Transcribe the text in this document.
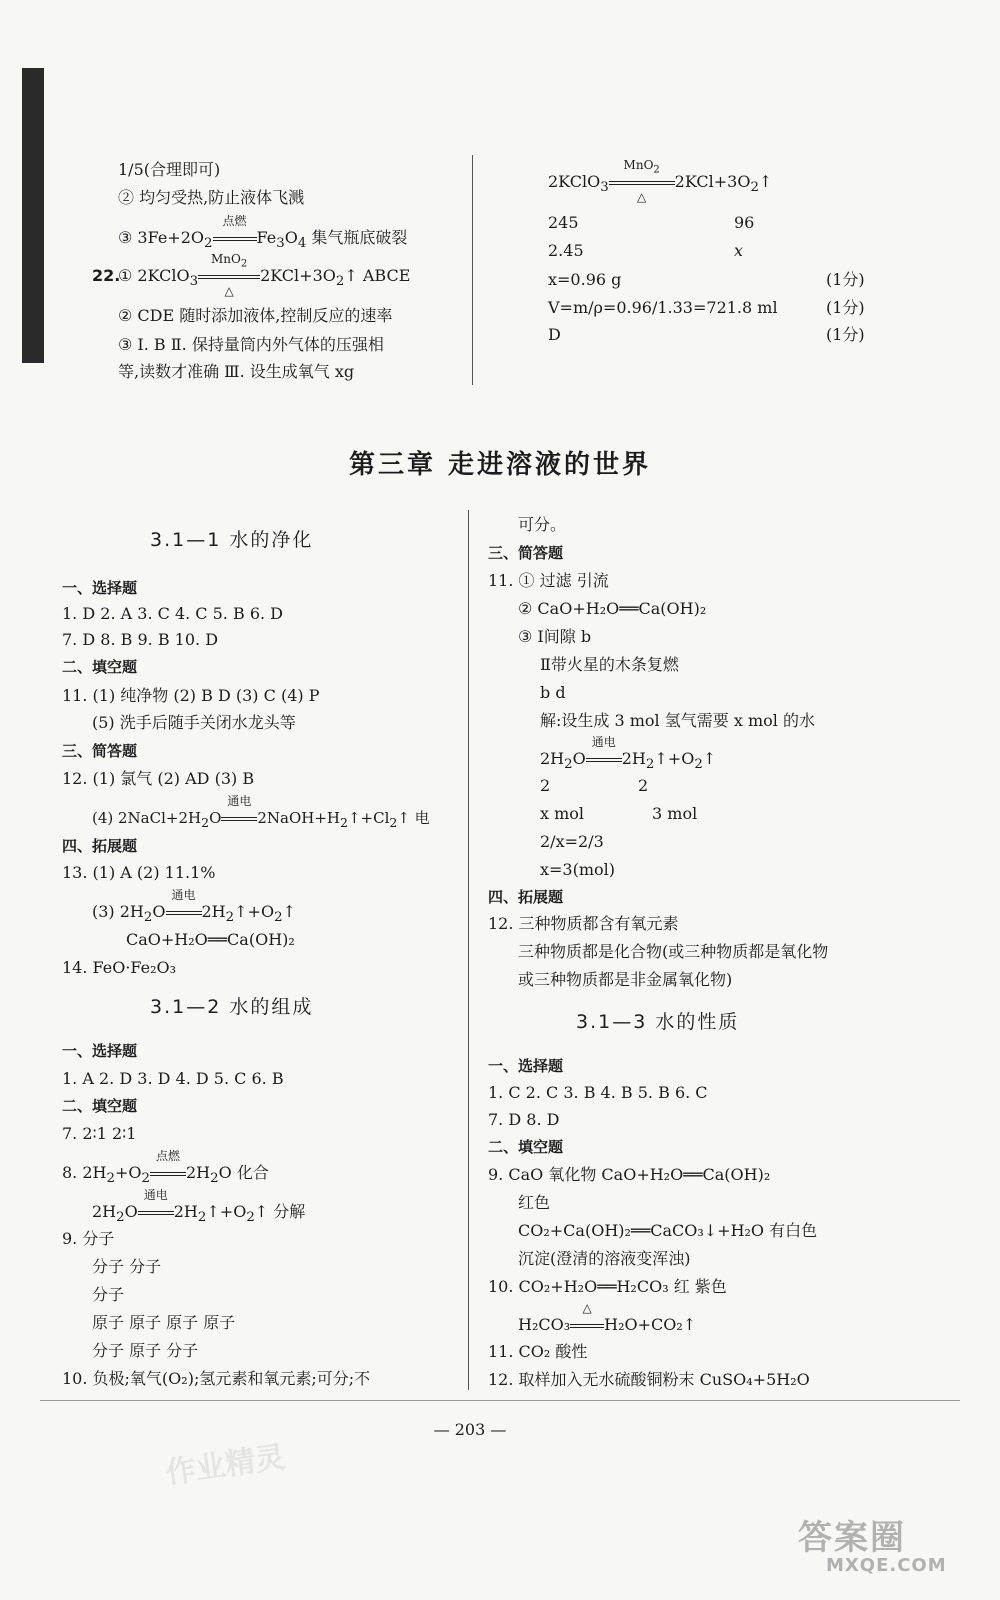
1/5(合理即可)
② 均匀受热,防止液体飞溅
③ $3Fe+2O_2$
点燃
$Fe_3O_4$ 集气瓶底破裂
22.
① 2KClO$_3$
MnO$_2$
△
$2KCl+3O_2↑$ ABCE
② CDE 随时添加液体,控制反应的速率
③ Ⅰ. B Ⅱ. 保持量筒内外气体的压强相
等,读数才准确 Ⅲ. 设生成氧气 xg
2KClO$_3$
MnO$_2$
△
$2KCl+3O_2↑$
245	96
2.45	x
x=0.96 g	(1分)
V=m/ρ=0.96/1.33=721.8 ml	(1分)
D	(1分)
第三章 走进溶液的世界
3.1—1 水的净化
一、选择题
1. D 2. A 3. C 4. C 5. B 6. D
7. D 8. B 9. B 10. D
二、填空题
11. (1) 纯净物 (2) B D (3) C (4) P
(5) 洗手后随手关闭水龙头等
三、简答题
12. (1) 氯气 (2) AD (3) B
(4) $2NaCl+2H_2O$
通电
$2NaOH+H_2↑+Cl_2↑$ 电
四、拓展题
13. (1) A (2) 11.1%
(3) $2H_2O$
通电
$2H_2↑+O_2↑$
CaO+H₂O══Ca(OH)₂
14. FeO·Fe₂O₃
3.1—2 水的组成
一、选择题
1. A 2. D 3. D 4. D 5. C 6. B
二、填空题
7. 2∶1 2∶1
8. $2H_2+O_2$
点燃
$2H_2O$ 化合
$2H_2O$
通电
$2H_2↑+O_2↑$ 分解
9. 分子
分子 分子
分子
原子 原子 原子 原子
分子 原子 分子
10. 负极;氧气(O₂);氢元素和氧元素;可分;不
可分。
三、简答题
11. ① 过滤 引流
② CaO+H₂O══Ca(OH)₂
③ Ⅰ间隙 b
Ⅱ带火星的木条复燃
b d
解:设生成 3 mol 氢气需要 x mol 的水
$2H_2O$
通电
$2H_2↑+O_2↑$
2	2
x mol	3 mol
2/x=2/3
x=3(mol)
四、拓展题
12. 三种物质都含有氧元素
三种物质都是化合物(或三种物质都是氧化物
或三种物质都是非金属氧化物)
3.1—3 水的性质
一、选择题
1. C 2. C 3. B 4. B 5. B 6. C
7. D 8. D
二、填空题
9. CaO 氧化物 CaO+H₂O══Ca(OH)₂
红色
CO₂+Ca(OH)₂══CaCO₃↓+H₂O 有白色
沉淀(澄清的溶液变浑浊)
10. CO₂+H₂O══H₂CO₃ 红 紫色
H₂CO₃
△
H₂O+CO₂↑
11. CO₂ 酸性
12. 取样加入无水硫酸铜粉末 CuSO₄+5H₂O
— 203 —
作业精灵
答案圈
MXQE.COM
